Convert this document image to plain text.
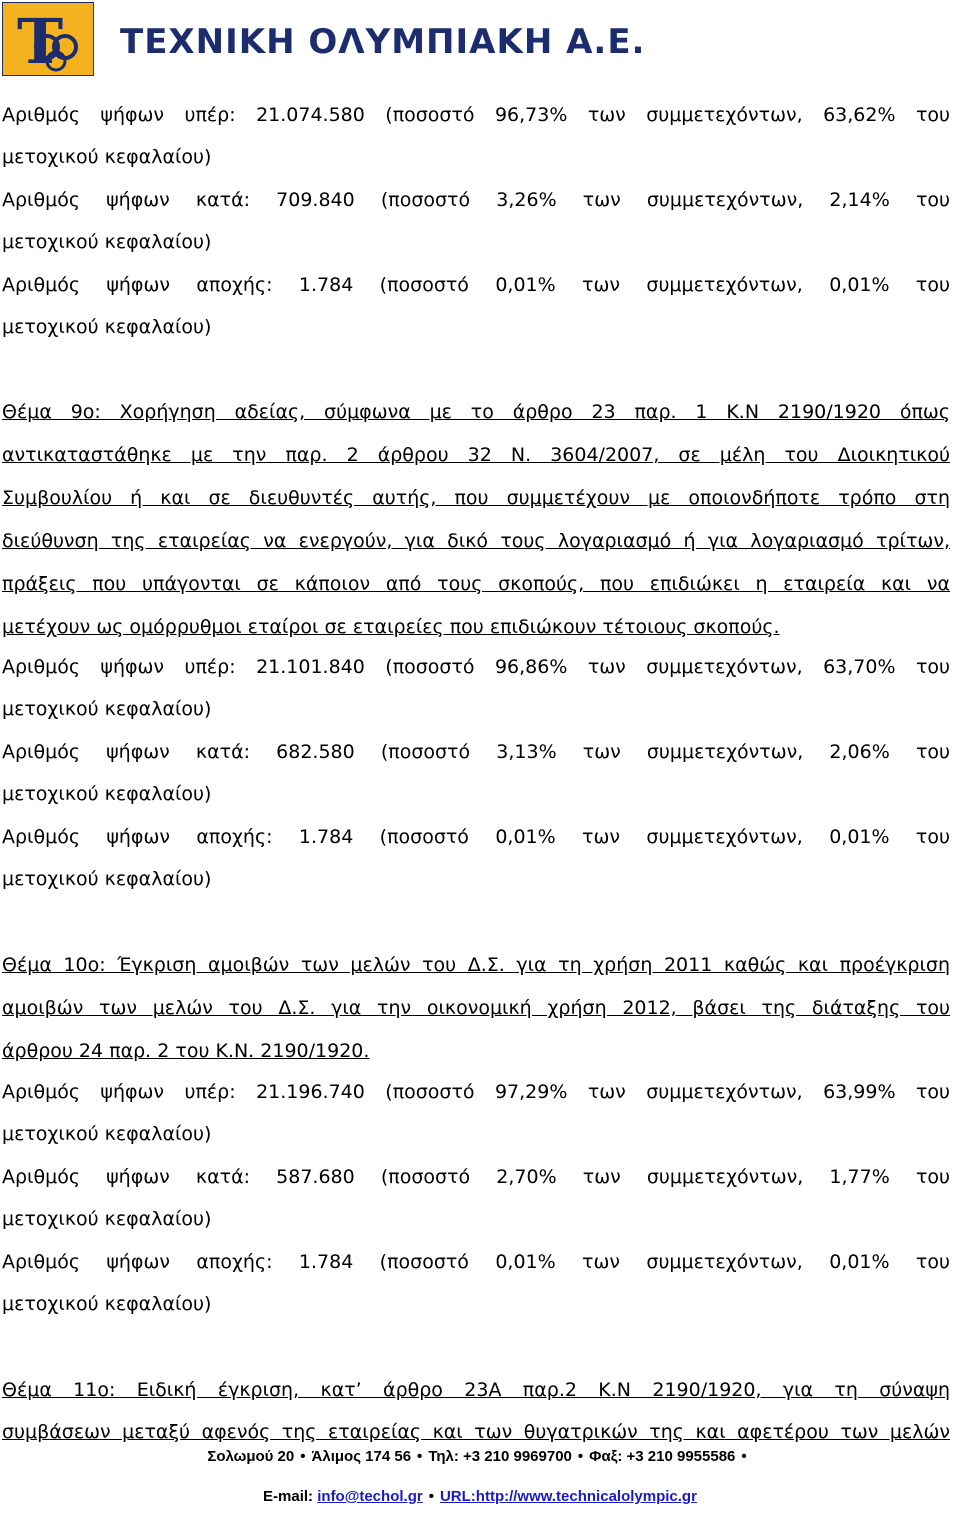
Τ ΤΕΧΝΙΚΗ ΟΛΥΜΠΙΑΚΗ Α.Ε.
Αριθμός ψήφων υπέρ: 21.074.580 (ποσοστό 96,73% των συμμετεχόντων, 63,62% του
μετοχικού κεφαλαίου)
Αριθμός ψήφων κατά: 709.840 (ποσοστό 3,26% των συμμετεχόντων, 2,14% του
μετοχικού κεφαλαίου)
Αριθμός ψήφων αποχής: 1.784 (ποσοστό 0,01% των συμμετεχόντων, 0,01% του
μετοχικού κεφαλαίου)
Θέμα 9ο: Χορήγηση αδείας, σύμφωνα με το άρθρο 23 παρ. 1 Κ.Ν 2190/1920 όπως
αντικαταστάθηκε με την παρ. 2 άρθρου 32 Ν. 3604/2007, σε μέλη του Διοικητικού
Συμβουλίου ή και σε διευθυντές αυτής, που συμμετέχουν με οποιονδήποτε τρόπο στη
διεύθυνση της εταιρείας να ενεργούν, για δικό τους λογαριασμό ή για λογαριασμό τρίτων,
πράξεις που υπάγονται σε κάποιον από τους σκοπούς, που επιδιώκει η εταιρεία και να
μετέχουν ως ομόρρυθμοι εταίροι σε εταιρείες που επιδιώκουν τέτοιους σκοπούς.
Αριθμός ψήφων υπέρ: 21.101.840 (ποσοστό 96,86% των συμμετεχόντων, 63,70% του
μετοχικού κεφαλαίου)
Αριθμός ψήφων κατά: 682.580 (ποσοστό 3,13% των συμμετεχόντων, 2,06% του
μετοχικού κεφαλαίου)
Αριθμός ψήφων αποχής: 1.784 (ποσοστό 0,01% των συμμετεχόντων, 0,01% του
μετοχικού κεφαλαίου)
Θέμα 10ο: Έγκριση αμοιβών των μελών του Δ.Σ. για τη χρήση 2011 καθώς και προέγκριση
αμοιβών των μελών του Δ.Σ. για την οικονομική χρήση 2012, βάσει της διάταξης του
άρθρου 24 παρ. 2 του Κ.Ν. 2190/1920.
Αριθμός ψήφων υπέρ: 21.196.740 (ποσοστό 97,29% των συμμετεχόντων, 63,99% του
μετοχικού κεφαλαίου)
Αριθμός ψήφων κατά: 587.680 (ποσοστό 2,70% των συμμετεχόντων, 1,77% του
μετοχικού κεφαλαίου)
Αριθμός ψήφων αποχής: 1.784 (ποσοστό 0,01% των συμμετεχόντων, 0,01% του
μετοχικού κεφαλαίου)
Θέμα 11ο: Ειδική έγκριση, κατ’ άρθρο 23Α παρ.2 Κ.Ν 2190/1920, για τη σύναψη
συμβάσεων μεταξύ αφενός της εταιρείας και των θυγατρικών της και αφετέρου των μελών
Σολωμού 20 • Άλιμος 174 56 • Τηλ: +3 210 9969700 • Φαξ: +3 210 9955586 •
E-mail: info@techol.gr • URL:http://www.technicalolympic.gr
